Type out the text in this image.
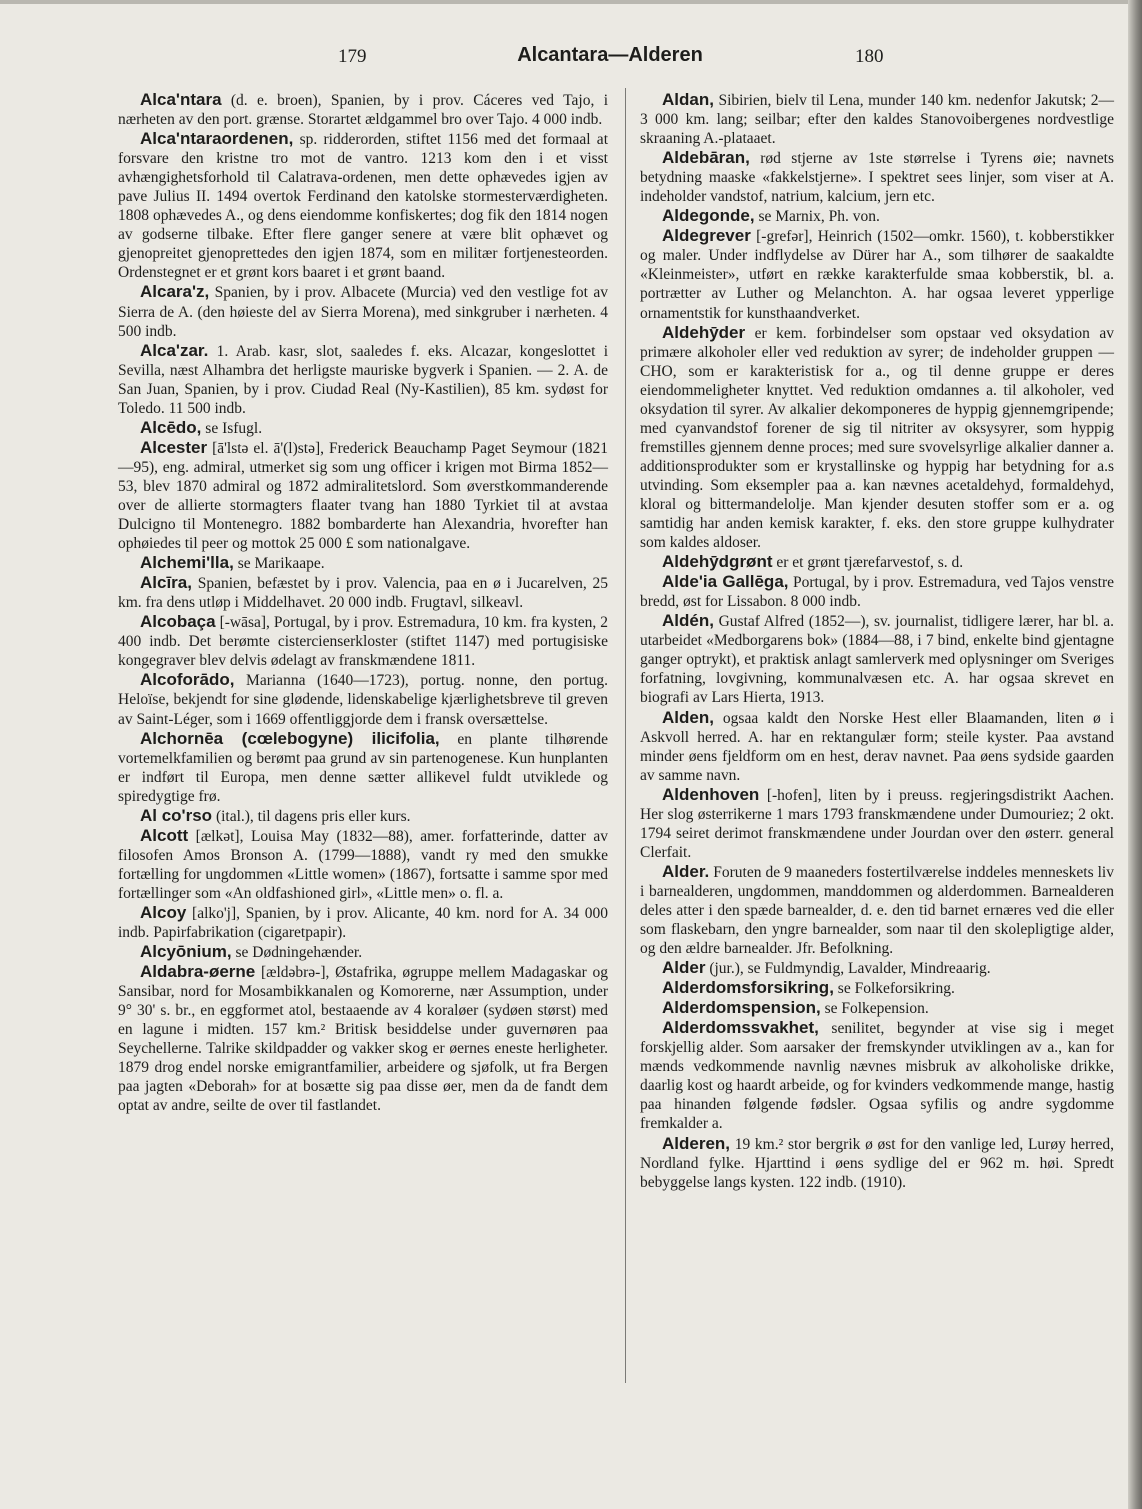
179	Alcantara—Alderen	180

Alca'ntara (d. e. broen), Spanien, by i prov. Cáceres ved Tajo, i nærheten av den port. grænse. Storartet ældgammel bro over Tajo. 4 000 indb.

Alca'ntaraordenen, sp. ridderorden, stiftet 1156 med det formaal at forsvare den kristne tro mot de vantro. 1213 kom den i et visst avhængighetsforhold til Calatrava-ordenen, men dette ophævedes igjen av pave Julius II. 1494 overtok Ferdinand den katolske stormesterværdigheten. 1808 ophævedes A., og dens eiendomme konfiskertes; dog fik den 1814 nogen av godserne tilbake. Efter flere ganger senere at være blit ophævet og gjenopreitet gjenoprettedes den igjen 1874, som en militær fortjenesteorden. Ordenstegnet er et grønt kors baaret i et grønt baand.

Alcara'z, Spanien, by i prov. Albacete (Murcia) ved den vestlige fot av Sierra de A. (den høieste del av Sierra Morena), med sinkgruber i nærheten. 4 500 indb.

Alca'zar. 1. Arab. kasr, slot, saaledes f. eks. Alcazar, kongeslottet i Sevilla, næst Alhambra det herligste mauriske bygverk i Spanien. — 2. A. de San Juan, Spanien, by i prov. Ciudad Real (Ny-Kastilien), 85 km. sydøst for Toledo. 11 500 indb.

Alcēdo, se Isfugl.

Alcester [ā'lstə el. ā'(l)stə], Frederick Beauchamp Paget Seymour (1821—95), eng. admiral, utmerket sig som ung officer i krigen mot Birma 1852—53, blev 1870 admiral og 1872 admiralitetslord. Som øverstkommanderende over de allierte stormagters flaater tvang han 1880 Tyrkiet til at avstaa Dulcigno til Montenegro. 1882 bombarderte han Alexandria, hvorefter han ophøiedes til peer og mottok 25 000 £ som nationalgave.

Alchemi'lla, se Marikaape.

Alcīra, Spanien, befæstet by i prov. Valencia, paa en ø i Jucarelven, 25 km. fra dens utløp i Middelhavet. 20 000 indb. Frugtavl, silkeavl.

Alcobaça [-wāsa], Portugal, by i prov. Estremadura, 10 km. fra kysten, 2 400 indb. Det berømte cistercienserkloster (stiftet 1147) med portugisiske kongegraver blev delvis ødelagt av franskmændene 1811.

Alcoforādo, Marianna (1640—1723), portug. nonne, den portug. Heloïse, bekjendt for sine glødende, lidenskabelige kjærlighetsbreve til greven av Saint-Léger, som i 1669 offentliggjorde dem i fransk oversættelse.

Alchornēa (cœlebogyne) ilicifolia, en plante tilhørende vortemelkfamilien og berømt paa grund av sin partenogenese. Kun hunplanten er indført til Europa, men denne sætter allikevel fuldt utviklede og spiredygtige frø.

Al co'rso (ital.), til dagens pris eller kurs.

Alcott [ælkət], Louisa May (1832—88), amer. forfatterinde, datter av filosofen Amos Bronson A. (1799—1888), vandt ry med den smukke fortælling for ungdommen «Little women» (1867), fortsatte i samme spor med fortællinger som «An oldfashioned girl», «Little men» o. fl. a.

Alcoy [alko'j], Spanien, by i prov. Alicante, 40 km. nord for A. 34 000 indb. Papirfabrikation (cigaretpapir).

Alcyōnium, se Dødningehænder.

Aldabra-øerne [ældəbrə-], Østafrika, øgruppe mellem Madagaskar og Sansibar, nord for Mosambikkanalen og Komorerne, nær Assumption, under 9° 30' s. br., en eggformet atol, bestaaende av 4 koraløer (sydøen størst) med en lagune i midten. 157 km.² Britisk besiddelse under guvernøren paa Seychellerne. Talrike skildpadder og vakker skog er øernes eneste herligheter. 1879 drog endel norske emigrantfamilier, arbeidere og sjøfolk, ut fra Bergen paa jagten «Deborah» for at bosætte sig paa disse øer, men da de fandt dem optat av andre, seilte de over til fastlandet.

Aldan, Sibirien, bielv til Lena, munder 140 km. nedenfor Jakutsk; 2—3 000 km. lang; seilbar; efter den kaldes Stanovoibergenes nordvestlige skraaning A.-plataaet.

Aldebāran, rød stjerne av 1ste størrelse i Tyrens øie; navnets betydning maaske «fakkelstjerne». I spektret sees linjer, som viser at A. indeholder vandstof, natrium, kalcium, jern etc.

Aldegonde, se Marnix, Ph. von.

Aldegrever [-grefər], Heinrich (1502—omkr. 1560), t. kobberstikker og maler. Under indflydelse av Dürer har A., som tilhører de saakaldte «Kleinmeister», utført en række karakterfulde smaa kobberstik, bl. a. portrætter av Luther og Melanchton. A. har ogsaa leveret ypperlige ornamentstik for kunsthaandverket.

Aldehȳder er kem. forbindelser som opstaar ved oksydation av primære alkoholer eller ved reduktion av syrer; de indeholder gruppen —CHO, som er karakteristisk for a., og til denne gruppe er deres eiendommeligheter knyttet. Ved reduktion omdannes a. til alkoholer, ved oksydation til syrer. Av alkalier dekomponeres de hyppig gjennemgripende; med cyanvandstof forener de sig til nitriter av oksysyrer, som hyppig fremstilles gjennem denne proces; med sure svovelsyrlige alkalier danner a. additionsprodukter som er krystallinske og hyppig har betydning for a.s utvinding. Som eksempler paa a. kan nævnes acetaldehyd, formaldehyd, kloral og bittermandelolje. Man kjender desuten stoffer som er a. og samtidig har anden kemisk karakter, f. eks. den store gruppe kulhydrater som kaldes aldoser.

Aldehȳdgrønt er et grønt tjærefarvestof, s. d.

Alde'ia Gallēga, Portugal, by i prov. Estremadura, ved Tajos venstre bredd, øst for Lissabon. 8 000 indb.

Aldén, Gustaf Alfred (1852—), sv. journalist, tidligere lærer, har bl. a. utarbeidet «Medborgarens bok» (1884—88, i 7 bind, enkelte bind gjentagne ganger optrykt), et praktisk anlagt samlerverk med oplysninger om Sveriges forfatning, lovgivning, kommunalvæsen etc. A. har ogsaa skrevet en biografi av Lars Hierta, 1913.

Alden, ogsaa kaldt den Norske Hest eller Blaamanden, liten ø i Askvoll herred. A. har en rektangulær form; steile kyster. Paa avstand minder øens fjeldform om en hest, derav navnet. Paa øens sydside gaarden av samme navn.

Aldenhoven [-hofen], liten by i preuss. regjeringsdistrikt Aachen. Her slog østerrikerne 1 mars 1793 franskmændene under Dumouriez; 2 okt. 1794 seiret derimot franskmændene under Jourdan over den østerr. general Clerfait.

Alder. Foruten de 9 maaneders fostertilværelse inddeles menneskets liv i barnealderen, ungdommen, manddommen og alderdommen. Barnealderen deles atter i den spæde barnealder, d. e. den tid barnet ernæres ved die eller som flaskebarn, den yngre barnealder, som naar til den skolepligtige alder, og den ældre barnealder. Jfr. Befolkning.

Alder (jur.), se Fuldmyndig, Lavalder, Mindreaarig.

Alderdomsforsikring, se Folkeforsikring.

Alderdomspension, se Folkepension.

Alderdomssvakhet, senilitet, begynder at vise sig i meget forskjellig alder. Som aarsaker der fremskynder utviklingen av a., kan for mænds vedkommende navnlig nævnes misbruk av alkoholiske drikke, daarlig kost og haardt arbeide, og for kvinders vedkommende mange, hastig paa hinanden følgende fødsler. Ogsaa syfilis og andre sygdomme fremkalder a.

Alderen, 19 km.² stor bergrik ø øst for den vanlige led, Lurøy herred, Nordland fylke. Hjarttind i øens sydlige del er 962 m. høi. Spredt bebyggelse langs kysten. 122 indb. (1910).
